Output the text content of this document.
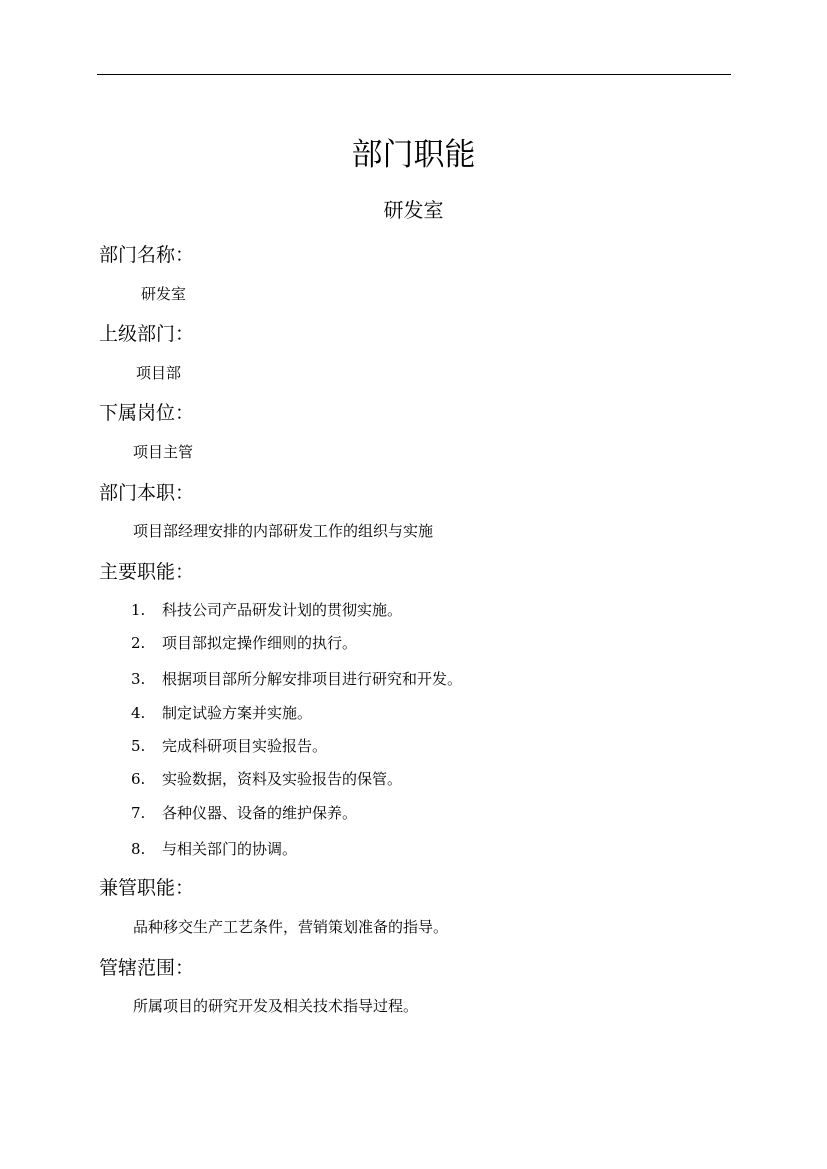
部门职能
研发室
部门名称：
研发室
上级部门：
项目部
下属岗位：
项目主管
部门本职：
项目部经理安排的内部研发工作的组织与实施
主要职能：
1. 科技公司产品研发计划的贯彻实施。
2. 项目部拟定操作细则的执行。
3. 根据项目部所分解安排项目进行研究和开发。
4. 制定试验方案并实施。
5. 完成科研项目实验报告。
6. 实验数据，资料及实验报告的保管。
7. 各种仪器、设备的维护保养。
8. 与相关部门的协调。
兼管职能：
品种移交生产工艺条件，营销策划准备的指导。
管辖范围：
所属项目的研究开发及相关技术指导过程。
